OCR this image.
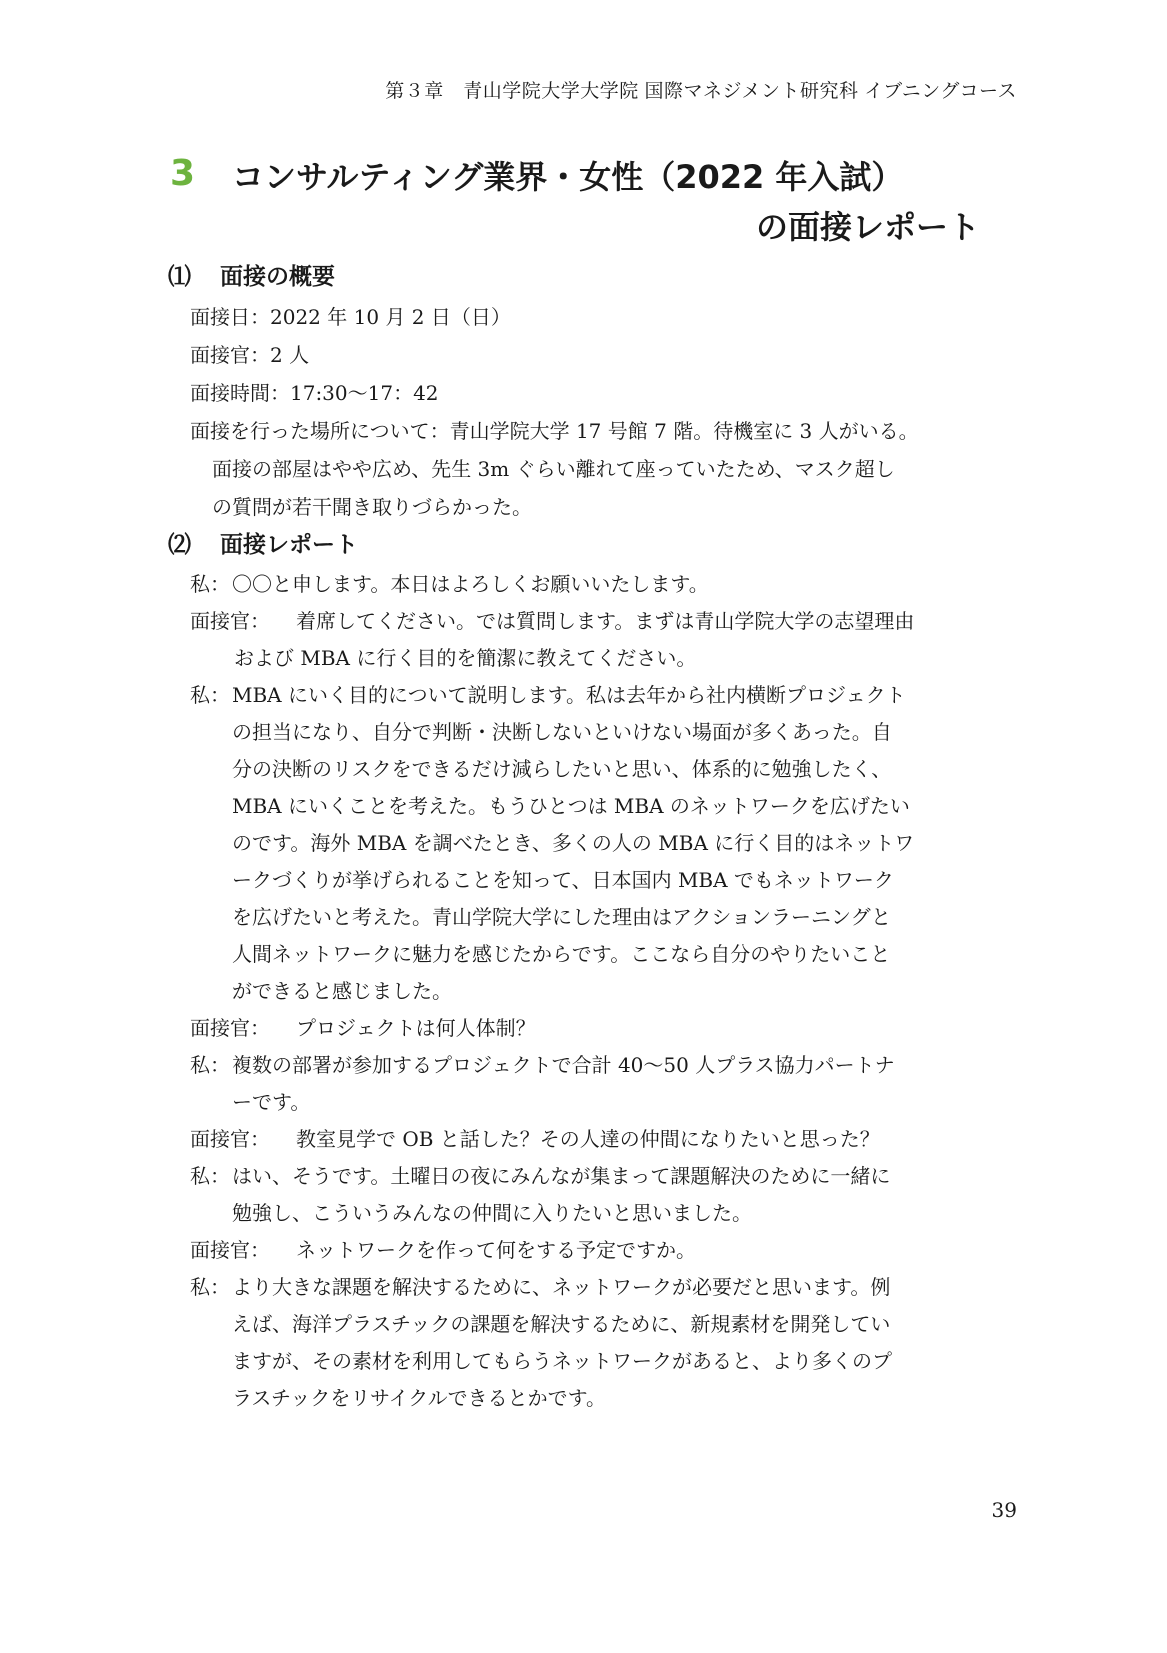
第３章　青山学院大学大学院 国際マネジメント研究科 イブニングコース
3 コンサルティング業界・女性（2022 年入試）
の面接レポート
⑴ 面接の概要
面接日：2022 年 10 月 2 日（日）
面接官：2 人
面接時間：17:30〜17：42
面接を行った場所について：青山学院大学 17 号館 7 階。待機室に 3 人がいる。
面接の部屋はやや広め、先生 3m ぐらい離れて座っていたため、マスク超し
の質問が若干聞き取りづらかった。
⑵ 面接レポート
私： 〇〇と申します。本日はよろしくお願いいたします。
面接官：	着席してください。では質問します。まずは青山学院大学の志望理由
および MBA に行く目的を簡潔に教えてください。
私： MBA にいく目的について説明します。私は去年から社内横断プロジェクト
の担当になり、自分で判断・決断しないといけない場面が多くあった。自
分の決断のリスクをできるだけ減らしたいと思い、体系的に勉強したく、
MBA にいくことを考えた。もうひとつは MBA のネットワークを広げたい
のです。海外 MBA を調べたとき、多くの人の MBA に行く目的はネットワ
ークづくりが挙げられることを知って、日本国内 MBA でもネットワーク
を広げたいと考えた。青山学院大学にした理由はアクションラーニングと
人間ネットワークに魅力を感じたからです。ここなら自分のやりたいこと
ができると感じました。
面接官：	プロジェクトは何人体制？
私： 複数の部署が参加するプロジェクトで合計 40〜50 人プラス協力パートナ
ーです。
面接官：	教室見学で OB と話した？その人達の仲間になりたいと思った？
私： はい、そうです。土曜日の夜にみんなが集まって課題解決のために一緒に
勉強し、こういうみんなの仲間に入りたいと思いました。
面接官：	ネットワークを作って何をする予定ですか。
私： より大きな課題を解決するために、ネットワークが必要だと思います。例
えば、海洋プラスチックの課題を解決するために、新規素材を開発してい
ますが、その素材を利用してもらうネットワークがあると、より多くのプ
ラスチックをリサイクルできるとかです。
39
